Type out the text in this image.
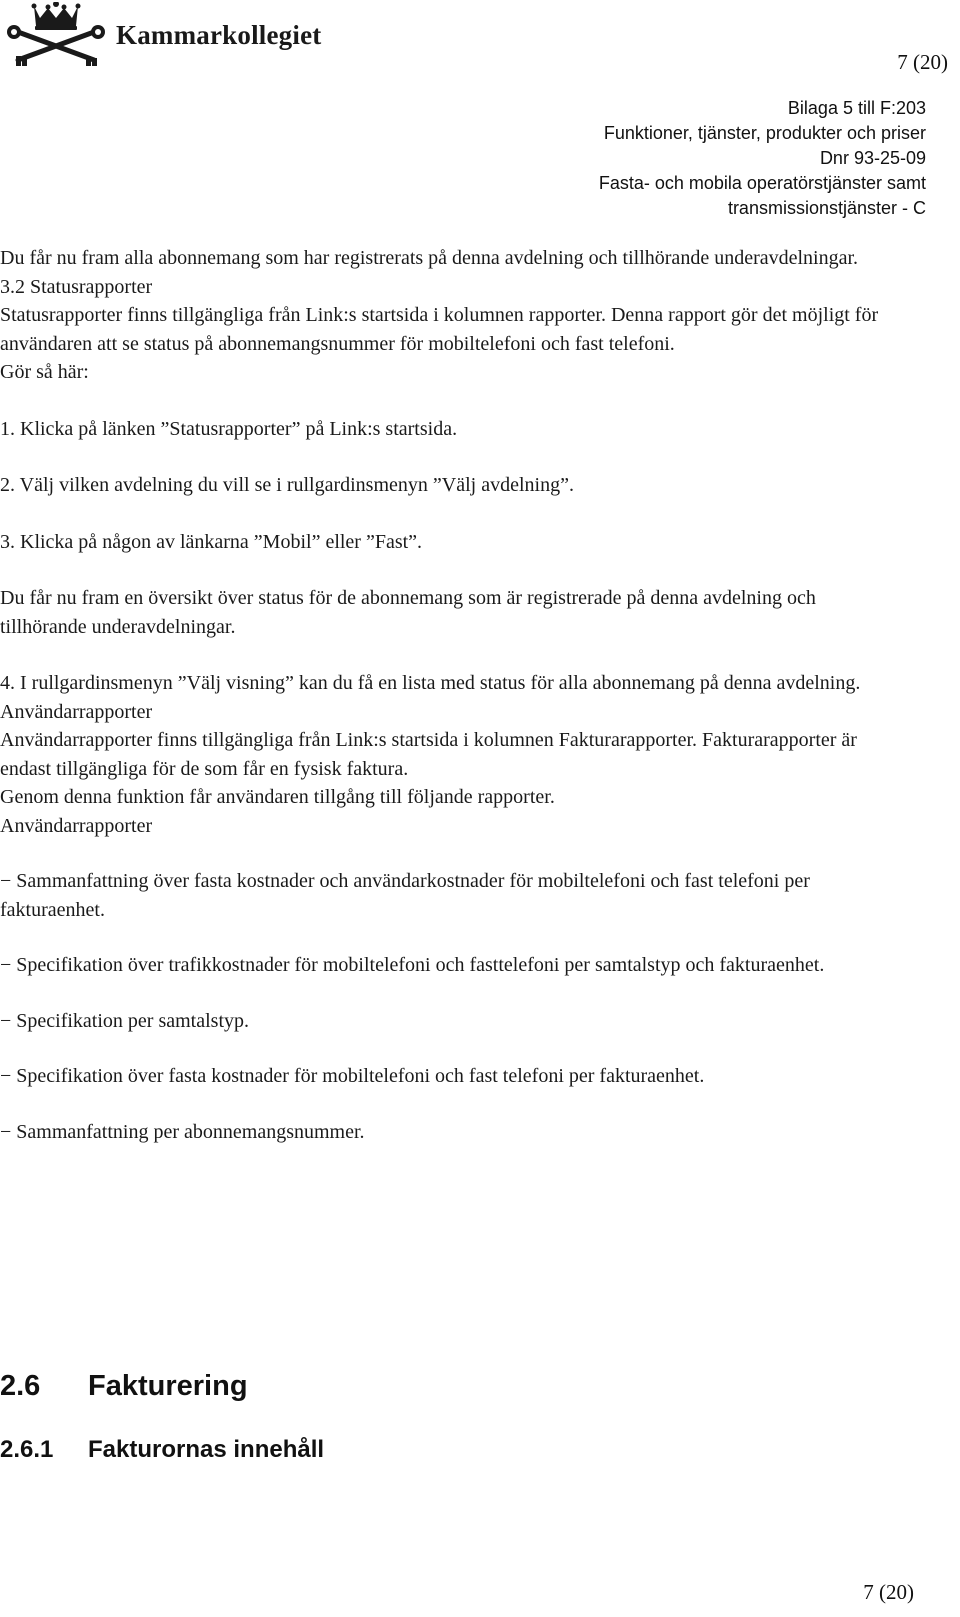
Kammarkollegiet
7 (20)
Bilaga 5 till F:203
Funktioner, tjänster, produkter och priser
Dnr 93-25-09
Fasta- och mobila operatörstjänster samt
transmissionstjänster - C

Du får nu fram alla abonnemang som har registrerats på denna avdelning och tillhörande underavdelningar.

3.2 Statusrapporter

Statusrapporter finns tillgängliga från Link:s startsida i kolumnen rapporter. Denna rapport gör det möjligt för användaren att se status på abonnemangsnummer för mobiltelefoni och fast telefoni.

Gör så här:

1. Klicka på länken ”Statusrapporter” på Link:s startsida.

2. Välj vilken avdelning du vill se i rullgardinsmenyn ”Välj avdelning”.

3. Klicka på någon av länkarna ”Mobil” eller ”Fast”.

Du får nu fram en översikt över status för de abonnemang som är registrerade på denna avdelning och tillhörande underavdelningar.

4. I rullgardinsmenyn ”Välj visning” kan du få en lista med status för alla abonnemang på denna avdelning.

Användarrapporter

Användarrapporter finns tillgängliga från Link:s startsida i kolumnen Fakturarapporter. Fakturarapporter är endast tillgängliga för de som får en fysisk faktura.

Genom denna funktion får användaren tillgång till följande rapporter.

Användarrapporter

− Sammanfattning över fasta kostnader och användarkostnader för mobiltelefoni och fast telefoni per fakturaenhet.

− Specifikation över trafikkostnader för mobiltelefoni och fasttelefoni per samtalstyp och fakturaenhet.

− Specifikation per samtalstyp.

− Specifikation över fasta kostnader för mobiltelefoni och fast telefoni per fakturaenhet.

− Sammanfattning per abonnemangsnummer.

2.6	Fakturering
2.6.1	Fakturornas innehåll
7 (20)
